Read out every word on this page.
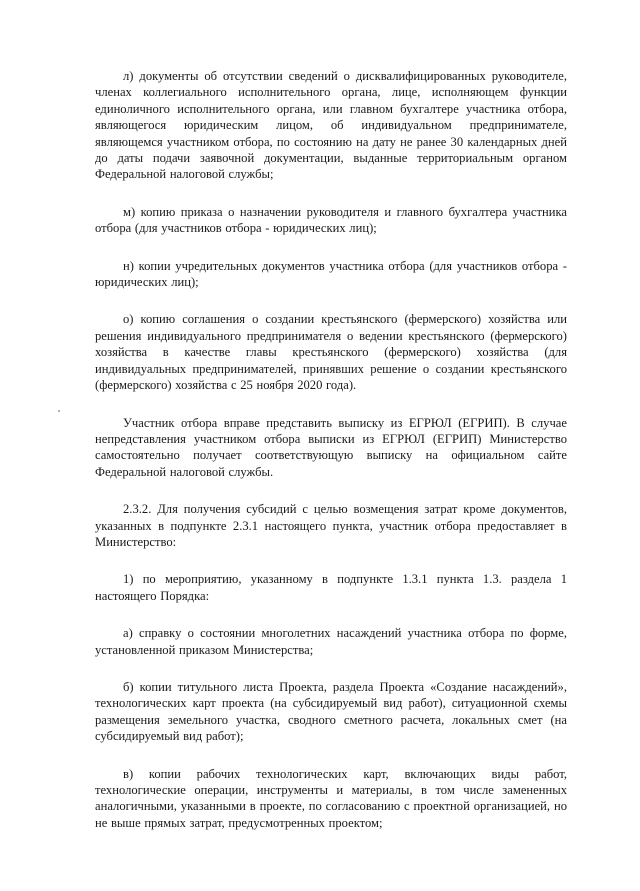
л) документы об отсутствии сведений о дисквалифицированных руководителе, членах коллегиального исполнительного органа, лице, исполняющем функции единоличного исполнительного органа, или главном бухгалтере участника отбора, являющегося юридическим лицом, об индивидуальном предпринимателе, являющемся участником отбора, по состоянию на дату не ранее 30 календарных дней до даты подачи заявочной документации, выданные территориальным органом Федеральной налоговой службы;

м) копию приказа о назначении руководителя и главного бухгалтера участника отбора (для участников отбора - юридических лиц);

н) копии учредительных документов участника отбора (для участников отбора - юридических лиц);

о) копию соглашения о создании крестьянского (фермерского) хозяйства или решения индивидуального предпринимателя о ведении крестьянского (фермерского) хозяйства в качестве главы крестьянского (фермерского) хозяйства (для индивидуальных предпринимателей, принявших решение о создании крестьянского (фермерского) хозяйства с 25 ноября 2020 года).

Участник отбора вправе представить выписку из ЕГРЮЛ (ЕГРИП). В случае непредставления участником отбора выписки из ЕГРЮЛ (ЕГРИП) Министерство самостоятельно получает соответствующую выписку на официальном сайте Федеральной налоговой службы.

2.3.2. Для получения субсидий с целью возмещения затрат кроме документов, указанных в подпункте 2.3.1 настоящего пункта, участник отбора предоставляет в Министерство:

1) по мероприятию, указанному в подпункте 1.3.1 пункта 1.3. раздела 1 настоящего Порядка:

а) справку о состоянии многолетних насаждений участника отбора по форме, установленной приказом Министерства;

б) копии титульного листа Проекта, раздела Проекта «Создание насаждений», технологических карт проекта (на субсидируемый вид работ), ситуационной схемы размещения земельного участка, сводного сметного расчета, локальных смет (на субсидируемый вид работ);

в) копии рабочих технологических карт, включающих виды работ, технологические операции, инструменты и материалы, в том числе замененных аналогичными, указанными в проекте, по согласованию с проектной организацией, но не выше прямых затрат, предусмотренных проектом;
